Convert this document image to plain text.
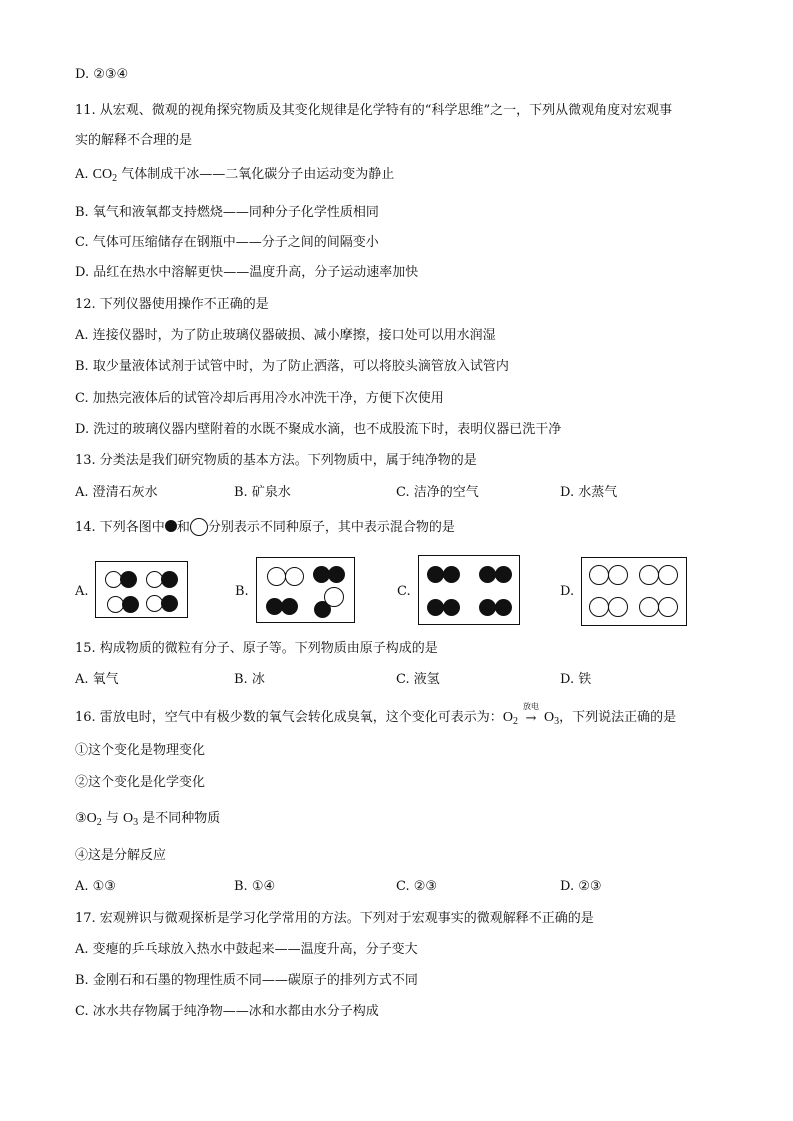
D. ②③④
11. 从宏观、微观的视角探究物质及其变化规律是化学特有的“科学思维”之一，下列从微观角度对宏观事
实的解释不合理的是
A. $CO_2$ 气体制成干冰——二氧化碳分子由运动变为静止
B. 氧气和液氧都支持燃烧——同种分子化学性质相同
C. 气体可压缩储存在钢瓶中——分子之间的间隔变小
D. 品红在热水中溶解更快——温度升高，分子运动速率加快
12. 下列仪器使用操作不正确的是
A. 连接仪器时，为了防止玻璃仪器破损、减小摩擦，接口处可以用水润湿
B. 取少量液体试剂于试管中时，为了防止洒落，可以将胶头滴管放入试管内
C. 加热完液体后的试管冷却后再用冷水冲洗干净，方便下次使用
D. 洗过的玻璃仪器内壁附着的水既不聚成水滴，也不成股流下时，表明仪器已洗干净
13. 分类法是我们研究物质的基本方法。下列物质中，属于纯净物的是
A. 澄清石灰水	B. 矿泉水	C. 洁净的空气	D. 水蒸气
14. 下列各图中 和 分别表示不同种原子，其中表示混合物的是
A.	B.	C.	D.
15. 构成物质的微粒有分子、原子等。下列物质由原子构成的是
A. 氧气	B. 冰	C. 液氢	D. 铁
16. 雷放电时，空气中有极少数的氧气会转化成臭氧，这个变化可表示为：$O_2$
放电
→ $O_3$，下列说法正确的是
①这个变化是物理变化
②这个变化是化学变化
$③O_2$ 与 $O_3$ 是不同种物质
④这是分解反应
A. ①③	B. ①④	C. ②③	D. ②③
17. 宏观辨识与微观探析是学习化学常用的方法。下列对于宏观事实的微观解释不正确的是
A. 变瘪的乒乓球放入热水中鼓起来——温度升高，分子变大
B. 金刚石和石墨的物理性质不同——碳原子的排列方式不同
C. 冰水共存物属于纯净物——冰和水都由水分子构成
